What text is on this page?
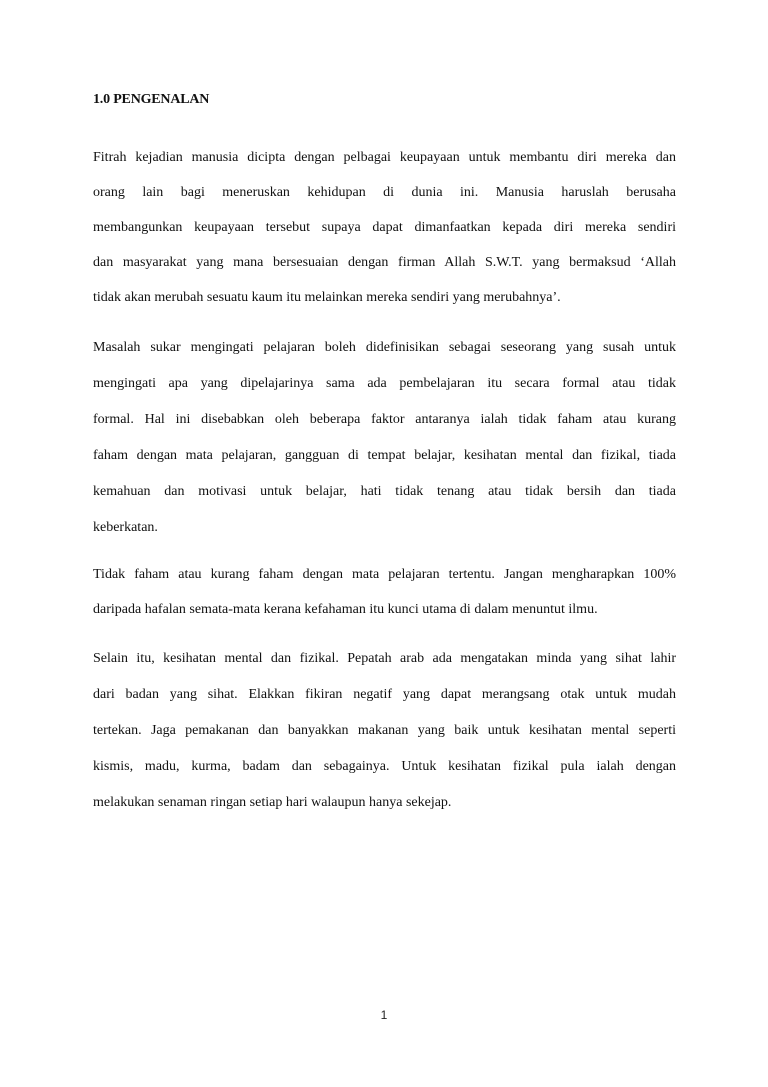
1.0 PENGENALAN
Fitrah kejadian manusia dicipta dengan pelbagai keupayaan untuk membantu diri mereka dan
orang lain bagi meneruskan kehidupan di dunia ini. Manusia haruslah berusaha
membangunkan keupayaan tersebut supaya dapat dimanfaatkan kepada diri mereka sendiri
dan masyarakat yang mana bersesuaian dengan firman Allah S.W.T. yang bermaksud ‘Allah
tidak akan merubah sesuatu kaum itu melainkan mereka sendiri yang merubahnya’.
Masalah sukar mengingati pelajaran boleh didefinisikan sebagai seseorang yang susah untuk
mengingati apa yang dipelajarinya sama ada pembelajaran itu secara formal atau tidak
formal. Hal ini disebabkan oleh beberapa faktor antaranya ialah tidak faham atau kurang
faham dengan mata pelajaran, gangguan di tempat belajar, kesihatan mental dan fizikal, tiada
kemahuan dan motivasi untuk belajar, hati tidak tenang atau tidak bersih dan tiada
keberkatan.
Tidak faham atau kurang faham dengan mata pelajaran tertentu. Jangan mengharapkan 100%
daripada hafalan semata-mata kerana kefahaman itu kunci utama di dalam menuntut ilmu.
Selain itu, kesihatan mental dan fizikal. Pepatah arab ada mengatakan minda yang sihat lahir
dari badan yang sihat. Elakkan fikiran negatif yang dapat merangsang otak untuk mudah
tertekan. Jaga pemakanan dan banyakkan makanan yang baik untuk kesihatan mental seperti
kismis, madu, kurma, badam dan sebagainya. Untuk kesihatan fizikal pula ialah dengan
melakukan senaman ringan setiap hari walaupun hanya sekejap.
1
